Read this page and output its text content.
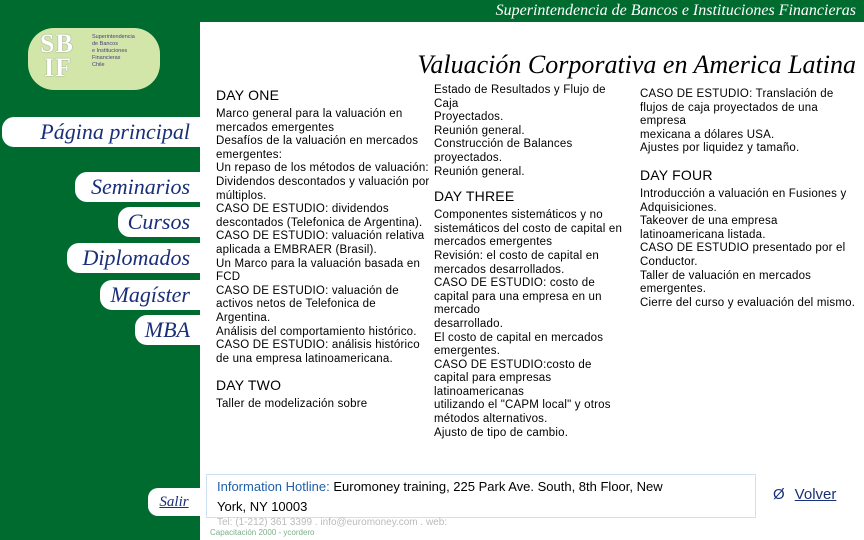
SB
IF
Superintendencia
de Bancos
e Instituciones
Financieras
Chile
Página principal
Seminarios
Cursos
Diplomados
Magíster
MBA
Salir
Superintendencia de Bancos e Instituciones Financieras
Valuación Corporativa en America Latina
DAY ONE
Marco general para la valuación en mercados emergentes
Desafíos de la valuación en mercados emergentes:
Un repaso de los métodos de valuación:
Dividendos descontados y valuación por múltiplos.
CASO DE ESTUDIO: dividendos descontados (Telefonica de Argentina).
CASO DE ESTUDIO: valuación relativa aplicada a EMBRAER (Brasil).
Un Marco para la valuación basada en FCD
CASO DE ESTUDIO: valuación de activos netos de Telefonica de Argentina.
Análisis del comportamiento histórico.
CASO DE ESTUDIO: análisis histórico de una empresa latinoamericana.
DAY TWO
Taller de modelización sobre
Estado de Resultados y Flujo de Caja
Proyectados.
Reunión general.
Construcción de Balances proyectados.
Reunión general.
DAY THREE
Componentes sistemáticos y no sistemáticos del costo de capital en mercados emergentes
Revisión: el costo de capital en mercados desarrollados.
CASO DE ESTUDIO: costo de capital para una empresa en un mercado
desarrollado.
El costo de capital en mercados emergentes.
CASO DE ESTUDIO:costo de capital para empresas latinoamericanas
utilizando el "CAPM local" y otros métodos alternativos.
Ajusto de tipo de cambio.
CASO DE ESTUDIO: Translación de flujos de caja proyectados de una empresa
mexicana a dólares USA.
Ajustes por liquidez y tamaño.
DAY FOUR
Introducción a valuación en Fusiones y Adquisiciones.
Takeover de una empresa latinoamericana listada.
CASO DE ESTUDIO presentado por el Conductor.
Taller de valuación en mercados emergentes.
Cierre del curso y evaluación del mismo.
Information Hotline: Euromoney training, 225 Park Ave. South, 8th Floor, New
York, NY 10003
Tel: (1-212) 361 3399 . info@euromoney.com . web:
Capacitación 2000 - ycordero
Ø Volver
